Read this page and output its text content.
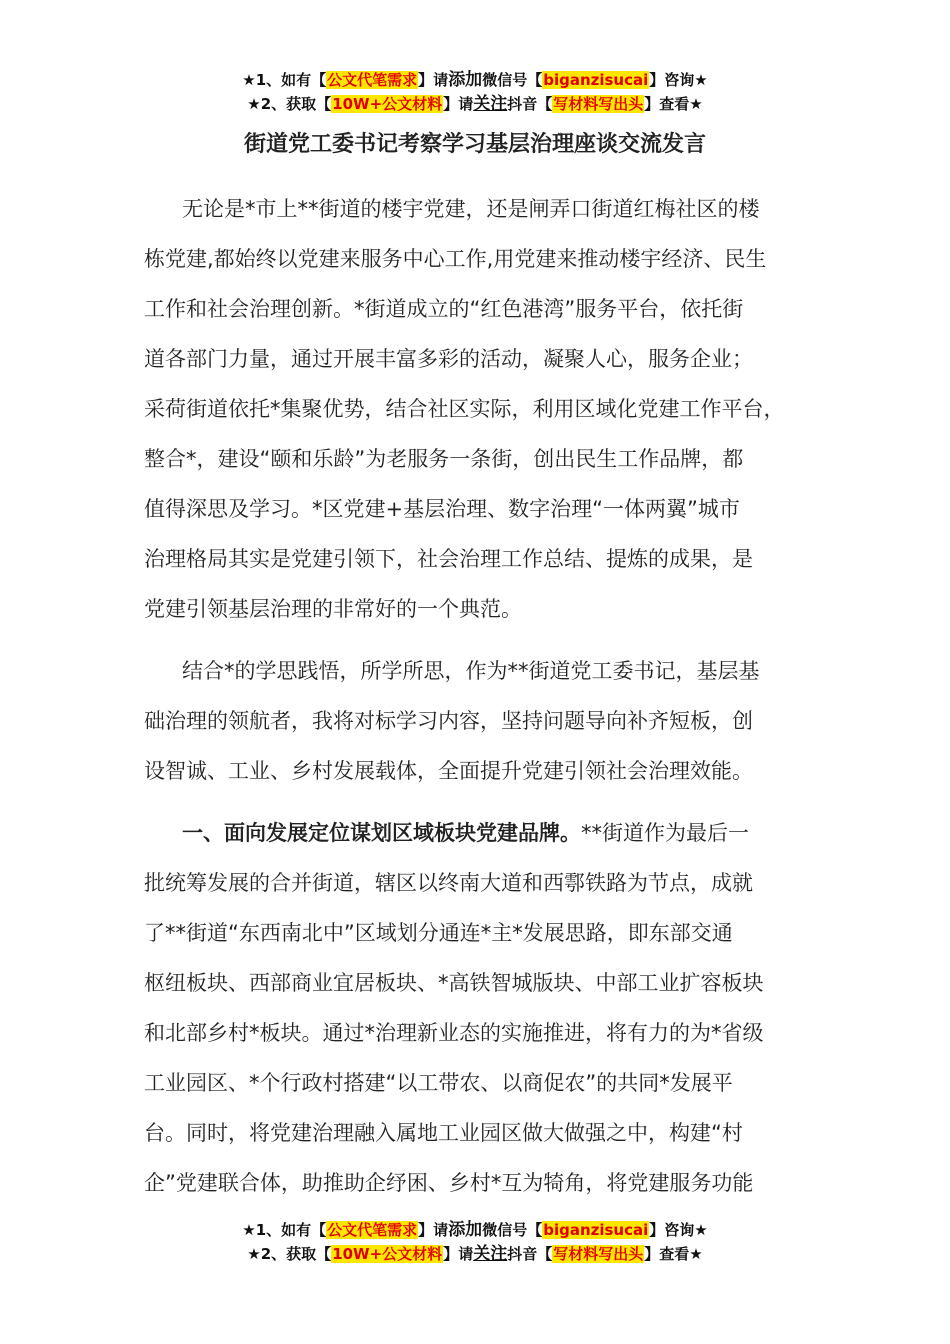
★1、如有【公文代笔需求】请添加微信号【biganzisucai】咨询★
★2、获取【10W+公文材料】请关注抖音【写材料写出头】查看★
街道党工委书记考察学习基层治理座谈交流发言
无论是*市上**街道的楼宇党建，还是闸弄口街道红梅社区的楼
栋党建,都始终以党建来服务中心工作,用党建来推动楼宇经济、民生
工作和社会治理创新。*街道成立的“红色港湾”服务平台，依托街
道各部门力量，通过开展丰富多彩的活动，凝聚人心，服务企业；
采荷街道依托*集聚优势，结合社区实际，利用区域化党建工作平台，
整合*，建设“颐和乐龄”为老服务一条街，创出民生工作品牌，都
值得深思及学习。*区党建+基层治理、数字治理“一体两翼”城市
治理格局其实是党建引领下，社会治理工作总结、提炼的成果，是
党建引领基层治理的非常好的一个典范。
结合*的学思践悟，所学所思，作为**街道党工委书记，基层基
础治理的领航者，我将对标学习内容，坚持问题导向补齐短板，创
设智诚、工业、乡村发展载体，全面提升党建引领社会治理效能。
一、面向发展定位谋划区域板块党建品牌。**街道作为最后一
批统筹发展的合并街道，辖区以终南大道和西鄠铁路为节点，成就
了**街道“东西南北中”区域划分通连*主*发展思路，即东部交通
枢纽板块、西部商业宜居板块、*高铁智城版块、中部工业扩容板块
和北部乡村*板块。通过*治理新业态的实施推进，将有力的为*省级
工业园区、*个行政村搭建“以工带农、以商促农”的共同*发展平
台。同时，将党建治理融入属地工业园区做大做强之中，构建“村
企”党建联合体，助推助企纾困、乡村*互为犄角，将党建服务功能
★1、如有【公文代笔需求】请添加微信号【biganzisucai】咨询★
★2、获取【10W+公文材料】请关注抖音【写材料写出头】查看★
